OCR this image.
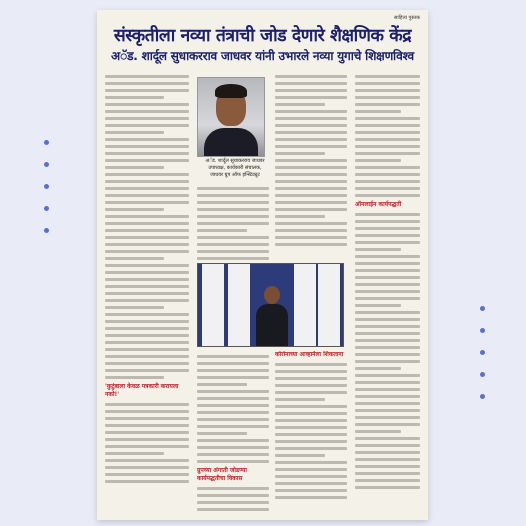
साहित्य पुस्तक
संस्कृतीला नव्या तंत्राची जोड देणारे शैक्षणिक केंद्र
अॅड. शार्दूल सुधाकरराव जाधवर यांनी उभारले नव्या युगाचे शिक्षणविश्व
'कुटुंबाला केवळ पत्रकारी करायला नको!'
अॅड. शार्दूल सुधाकरराव जाधवर
उपाध्यक्ष, कार्यकारी संचालक,
जाधवर ग्रुप ऑफ इन्स्टिट्यूट
ऑनलाईन कार्यपद्धती
ग्रुपच्या अंगाती जोडण्या कार्यपद्धतीचा विकास
कोरोनाच्या आव्हानेला शिकताना
